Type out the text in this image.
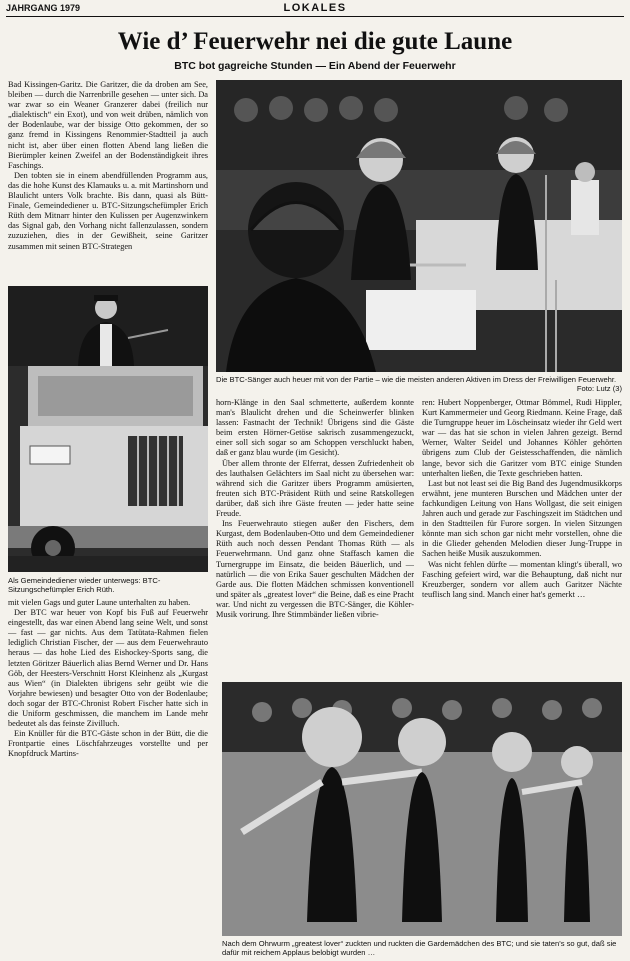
JAHRGANG 1979	LOKALES
Wie d’ Feuerwehr nei die gute Laune
BTC bot gagreiche Stunden — Ein Abend der Feuerwehr

Bad Kissingen-Garitz. Die Garitzer, die da droben am See, bleiben — durch die Narrenbrille gesehen — unter sich. Da war zwar so ein Weaner Granzerer dabei (freilich nur „dialektisch“ ein Exot), und von weit drüben, nämlich von der Bodenlaube, war der bissige Otto gekommen, der so ganz fremd in Kissingens Renommier-Stadtteil ja auch nicht ist, aber über einen flotten Abend lang ließen die Bierümpler keinen Zweifel an der Bodenständigkeit ihres Faschings.

Den tobten sie in einem abendfüllenden Programm aus, das die hohe Kunst des Klamauks u. a. mit Martinshorn und Blaulicht unters Volk brachte. Bis dann, quasi als Bütt-Finale, Gemeindediener u. BTC-Sitzungschefümpler Erich Rüth dem Mitnarr hinter den Kulissen per Augenzwinkern das Signal gab, den Vorhang nicht fallenzulassen, sondern zuzuziehen, dies in der Gewißheit, seine Garitzer zusammen mit seinen BTC-Strategen

Als Gemeindediener wieder unterwegs: BTC-Sitzungschefümpler Erich Rüth.

mit vielen Gags und guter Laune unterhalten zu haben.

Der BTC war heuer von Kopf bis Fuß auf Feuerwehr eingestellt, das war einen Abend lang seine Welt, und sonst — fast — gar nichts. Aus dem Tatütata-Rahmen fielen lediglich Christian Fischer, der — aus dem Feuerwehrauto heraus — das hohe Lied des Eishockey-Sports sang, die letzten Göritzer Bäuerlich alias Bernd Werner und Dr. Hans Göb, der Heesters-Verschnitt Horst Kleinhenz als „Kurgast aus Wien“ (in Dialekten übrigens sehr geübt wie die Vorjahre bewiesen) und besagter Otto von der Bodenlaube; doch sogar der BTC-Chronist Robert Fischer hatte sich in die Uniform geschmissen, die manchem im Lande mehr bedeutet als das feinste Zivilluch.

Ein Knüller für die BTC-Gäste schon in der Bütt, die die Frontpartie eines Löschfahrzeuges vorstellte und per Knopfdruck Martins-

Die BTC-Sänger auch heuer mit von der Partie – wie die meisten anderen Aktiven im Dress der Freiwilligen Feuerwehr.
Foto: Lutz (3)

horn-Klänge in den Saal schmetterte, außerdem konnte man's Blaulicht drehen und die Scheinwerfer blinken lassen: Fastnacht der Technik! Übrigens sind die Gäste beim ersten Hörner-Getöse sakrisch zusammengezuckt, einer soll sich sogar so am Schoppen verschluckt haben, daß er ganz blau wurde (im Gesicht).

Über allem thronte der Elferrat, dessen Zufriedenheit ob des lauthalsen Gelächters im Saal nicht zu übersehen war: während sich die Garitzer übers Programm amüsierten, freuten sich BTC-Präsident Rüth und seine Ratskollegen darüber, daß sich ihre Gäste freuten — jeder hatte seine Freude.

Ins Feuerwehrauto stiegen außer den Fischers, dem Kurgast, dem Bodenlauben-Otto und dem Gemeindediener Rüth auch noch dessen Pendant Thomas Rüth — als Feuerwehrmann. Und ganz ohne Staffasch kamen die Turnergruppe im Einsatz, die beiden Bäuerlich, und — natürlich — die von Erika Sauer geschulten Mädchen der Garde aus. Die flotten Mädchen schmissen konventionell und später als „greatest lover“ die Beine, daß es eine Pracht war. Und nicht zu vergessen die BTC-Sänger, die Köhler-Musik vorirung. Ihre Stimmbänder ließen vibrie-

ren: Hubert Noppenberger, Ottmar Bömmel, Rudi Hippler, Kurt Kammermeier und Georg Riedmann. Keine Frage, daß die Turngruppe heuer im Löscheinsatz wieder ihr Geld wert war — das hat sie schon in vielen Jahren gezeigt. Bernd Werner, Walter Seidel und Johannes Köhler gehörten übrigens zum Club der Geistesschaffenden, die nämlich lange, bevor sich die Garitzer vom BTC einige Stunden unterhalten ließen, die Texte geschrieben hatten.

Last but not least sei die Big Band des Jugendmusikkorps erwähnt, jene munteren Burschen und Mädchen unter der fachkundigen Leitung von Hans Wollgast, die seit einigen Jahren auch und gerade zur Faschingszeit im Städtchen und in den Stadtteilen für Furore sorgen. In vielen Sitzungen könnte man sich schon gar nicht mehr vorstellen, ohne die in die Glieder gehenden Melodien dieser Jung-Truppe in Sachen heiße Musik auszukommen.

Was nicht fehlen dürfte — momentan klingt's überall, wo Fasching gefeiert wird, war die Behauptung, daß nicht nur Kreuzberger, sondern vor allem auch Garitzer Nächte teuflisch lang sind. Manch einer hat's gemerkt …

Nach dem Ohrwurm „greatest lover“ zuckten und ruckten die Gardemädchen des BTC; und sie taten's so gut, daß sie dafür mit reichem Applaus belobigt wurden …
